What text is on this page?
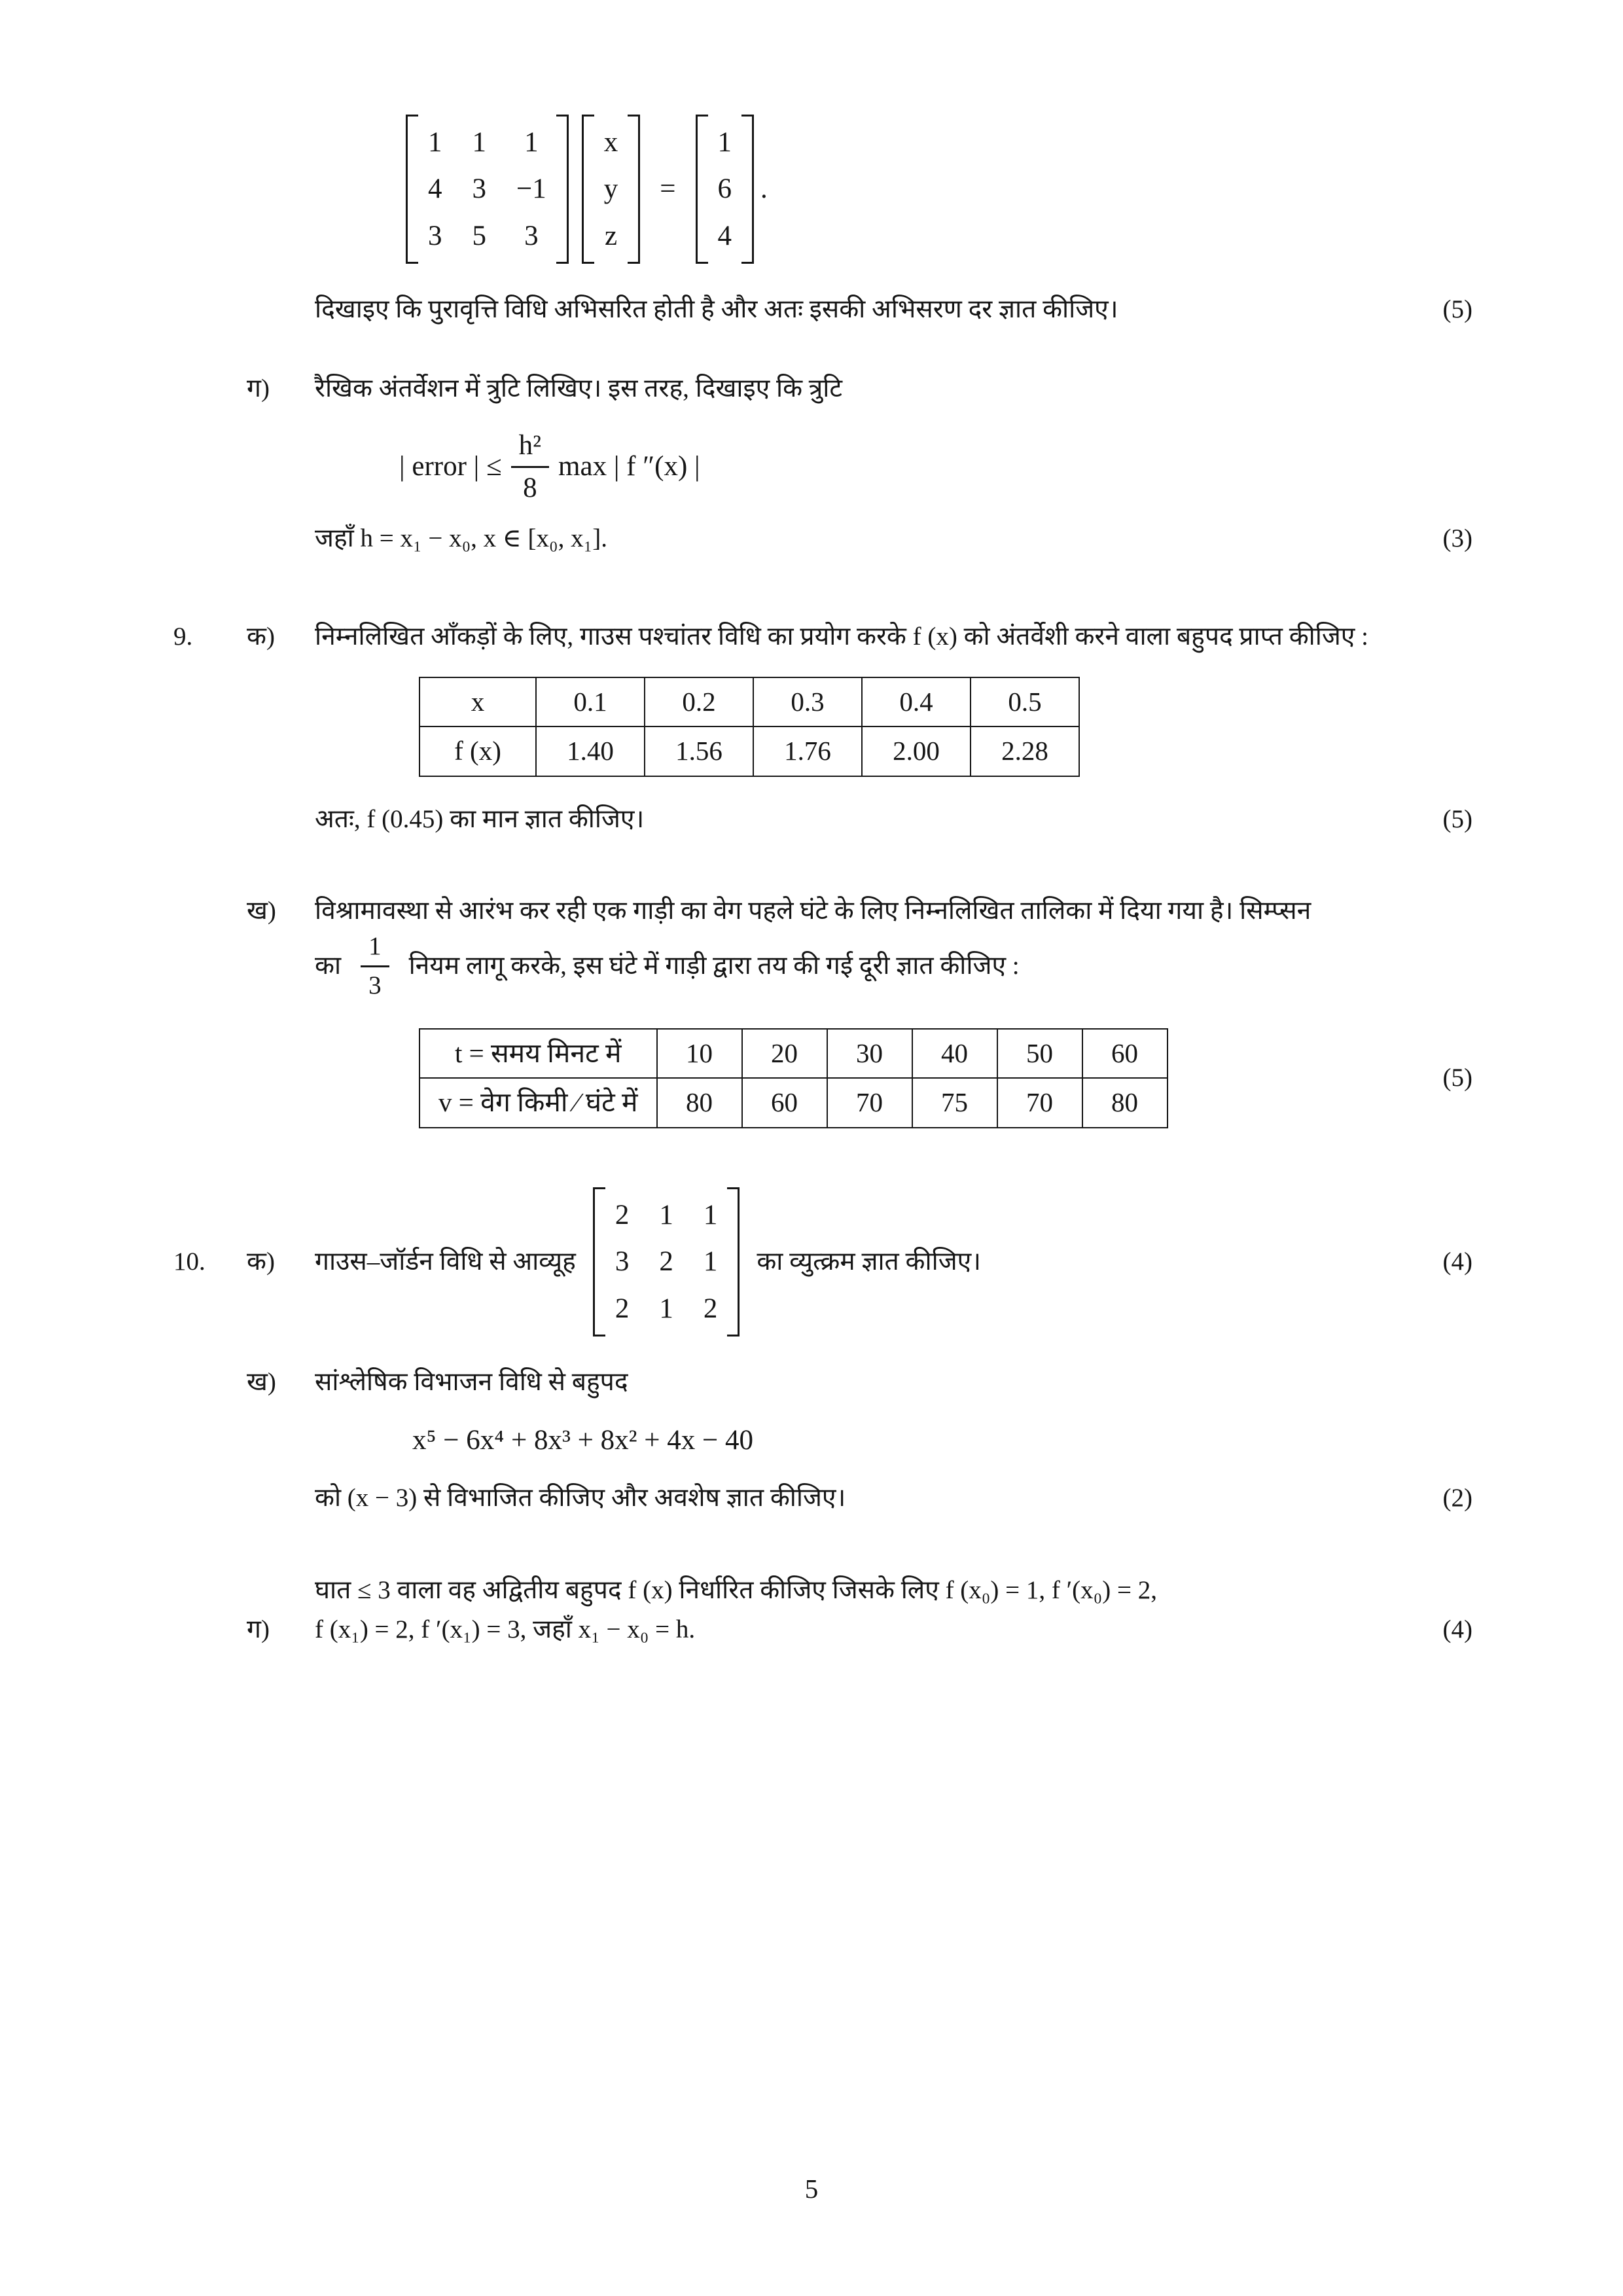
1 1 1
4 3 −1
3 5 3
x
y
z
=
1
6
4
.
दिखाइए कि पुरावृत्ति विधि अभिसरित होती है और अतः इसकी अभिसरण दर ज्ञात कीजिए।	(5)
ग)	रैखिक अंतर्वेशन में त्रुटि लिखिए। इस तरह, दिखाइए कि त्रुटि
| error | ≤ $\frac{\text{h²}}{8}$ max | f ″(x) |
जहाँ h = x₁ − x₀, x ∈ [x₀, x₁].	(3)
9.	क)	निम्नलिखित आँकड़ों के लिए, गाउस पश्चांतर विधि का प्रयोग करके f (x) को अंतर्वेशी करने वाला बहुपद प्राप्त कीजिए :
x	0.1	0.2	0.3	0.4	0.5
f (x)	1.40	1.56	1.76	2.00	2.28
अतः, f (0.45) का मान ज्ञात कीजिए।	(5)
ख)	विश्रामावस्था से आरंभ कर रही एक गाड़ी का वेग पहले घंटे के लिए निम्नलिखित तालिका में दिया गया है। सिम्प्सन
का $\frac{1}{3}$ नियम लागू करके, इस घंटे में गाड़ी द्वारा तय की गई दूरी ज्ञात कीजिए :
t = समय मिनट में	10	20	30	40	50	60
v = वेग किमी ⁄ घंटे में	80	60	70	75	70	80
(5)
10.	क)	गाउस–जॉर्डन विधि से आव्यूह
2 1 1
3 2 1
2 1 2
का व्युत्क्रम ज्ञात कीजिए।	(4)
ख)	सांश्लेषिक विभाजन विधि से बहुपद
x⁵ − 6x⁴ + 8x³ + 8x² + 4x − 40
को (x − 3) से विभाजित कीजिए और अवशेष ज्ञात कीजिए।	(2)
ग)
घात ≤ 3 वाला वह अद्वितीय बहुपद f (x) निर्धारित कीजिए जिसके लिए f (x₀) = 1, f ′(x₀) = 2,
f (x₁) = 2, f ′(x₁) = 3, जहाँ x₁ − x₀ = h.	(4)
5
